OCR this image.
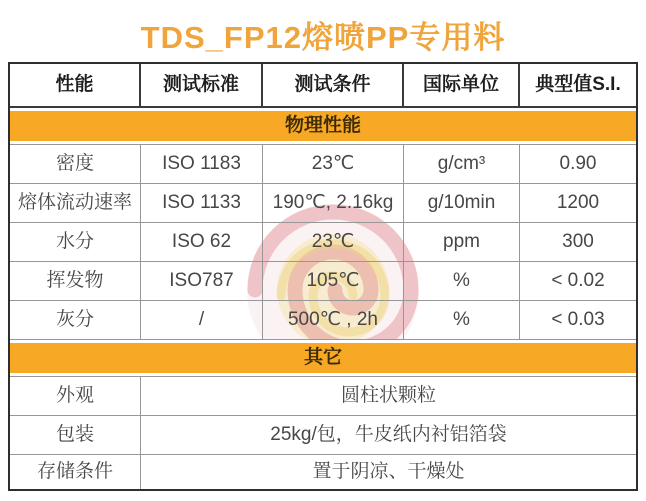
TDS_FP12熔喷PP专用料
性能	测试标准	测试条件	国际单位	典型值S.I.
物理性能
密度	ISO 1183	23℃	g/cm³	0.90
熔体流动速率	ISO 1133	190℃, 2.16kg	g/10min	1200
水分	ISO 62	23℃	ppm	300
挥发物	ISO787	105℃	%	< 0.02
灰分	/	500℃ , 2h	%	< 0.03
其它
外观	圆柱状颗粒
包装	25kg/包，牛皮纸内衬铝箔袋
存储条件	置于阴凉、干燥处
